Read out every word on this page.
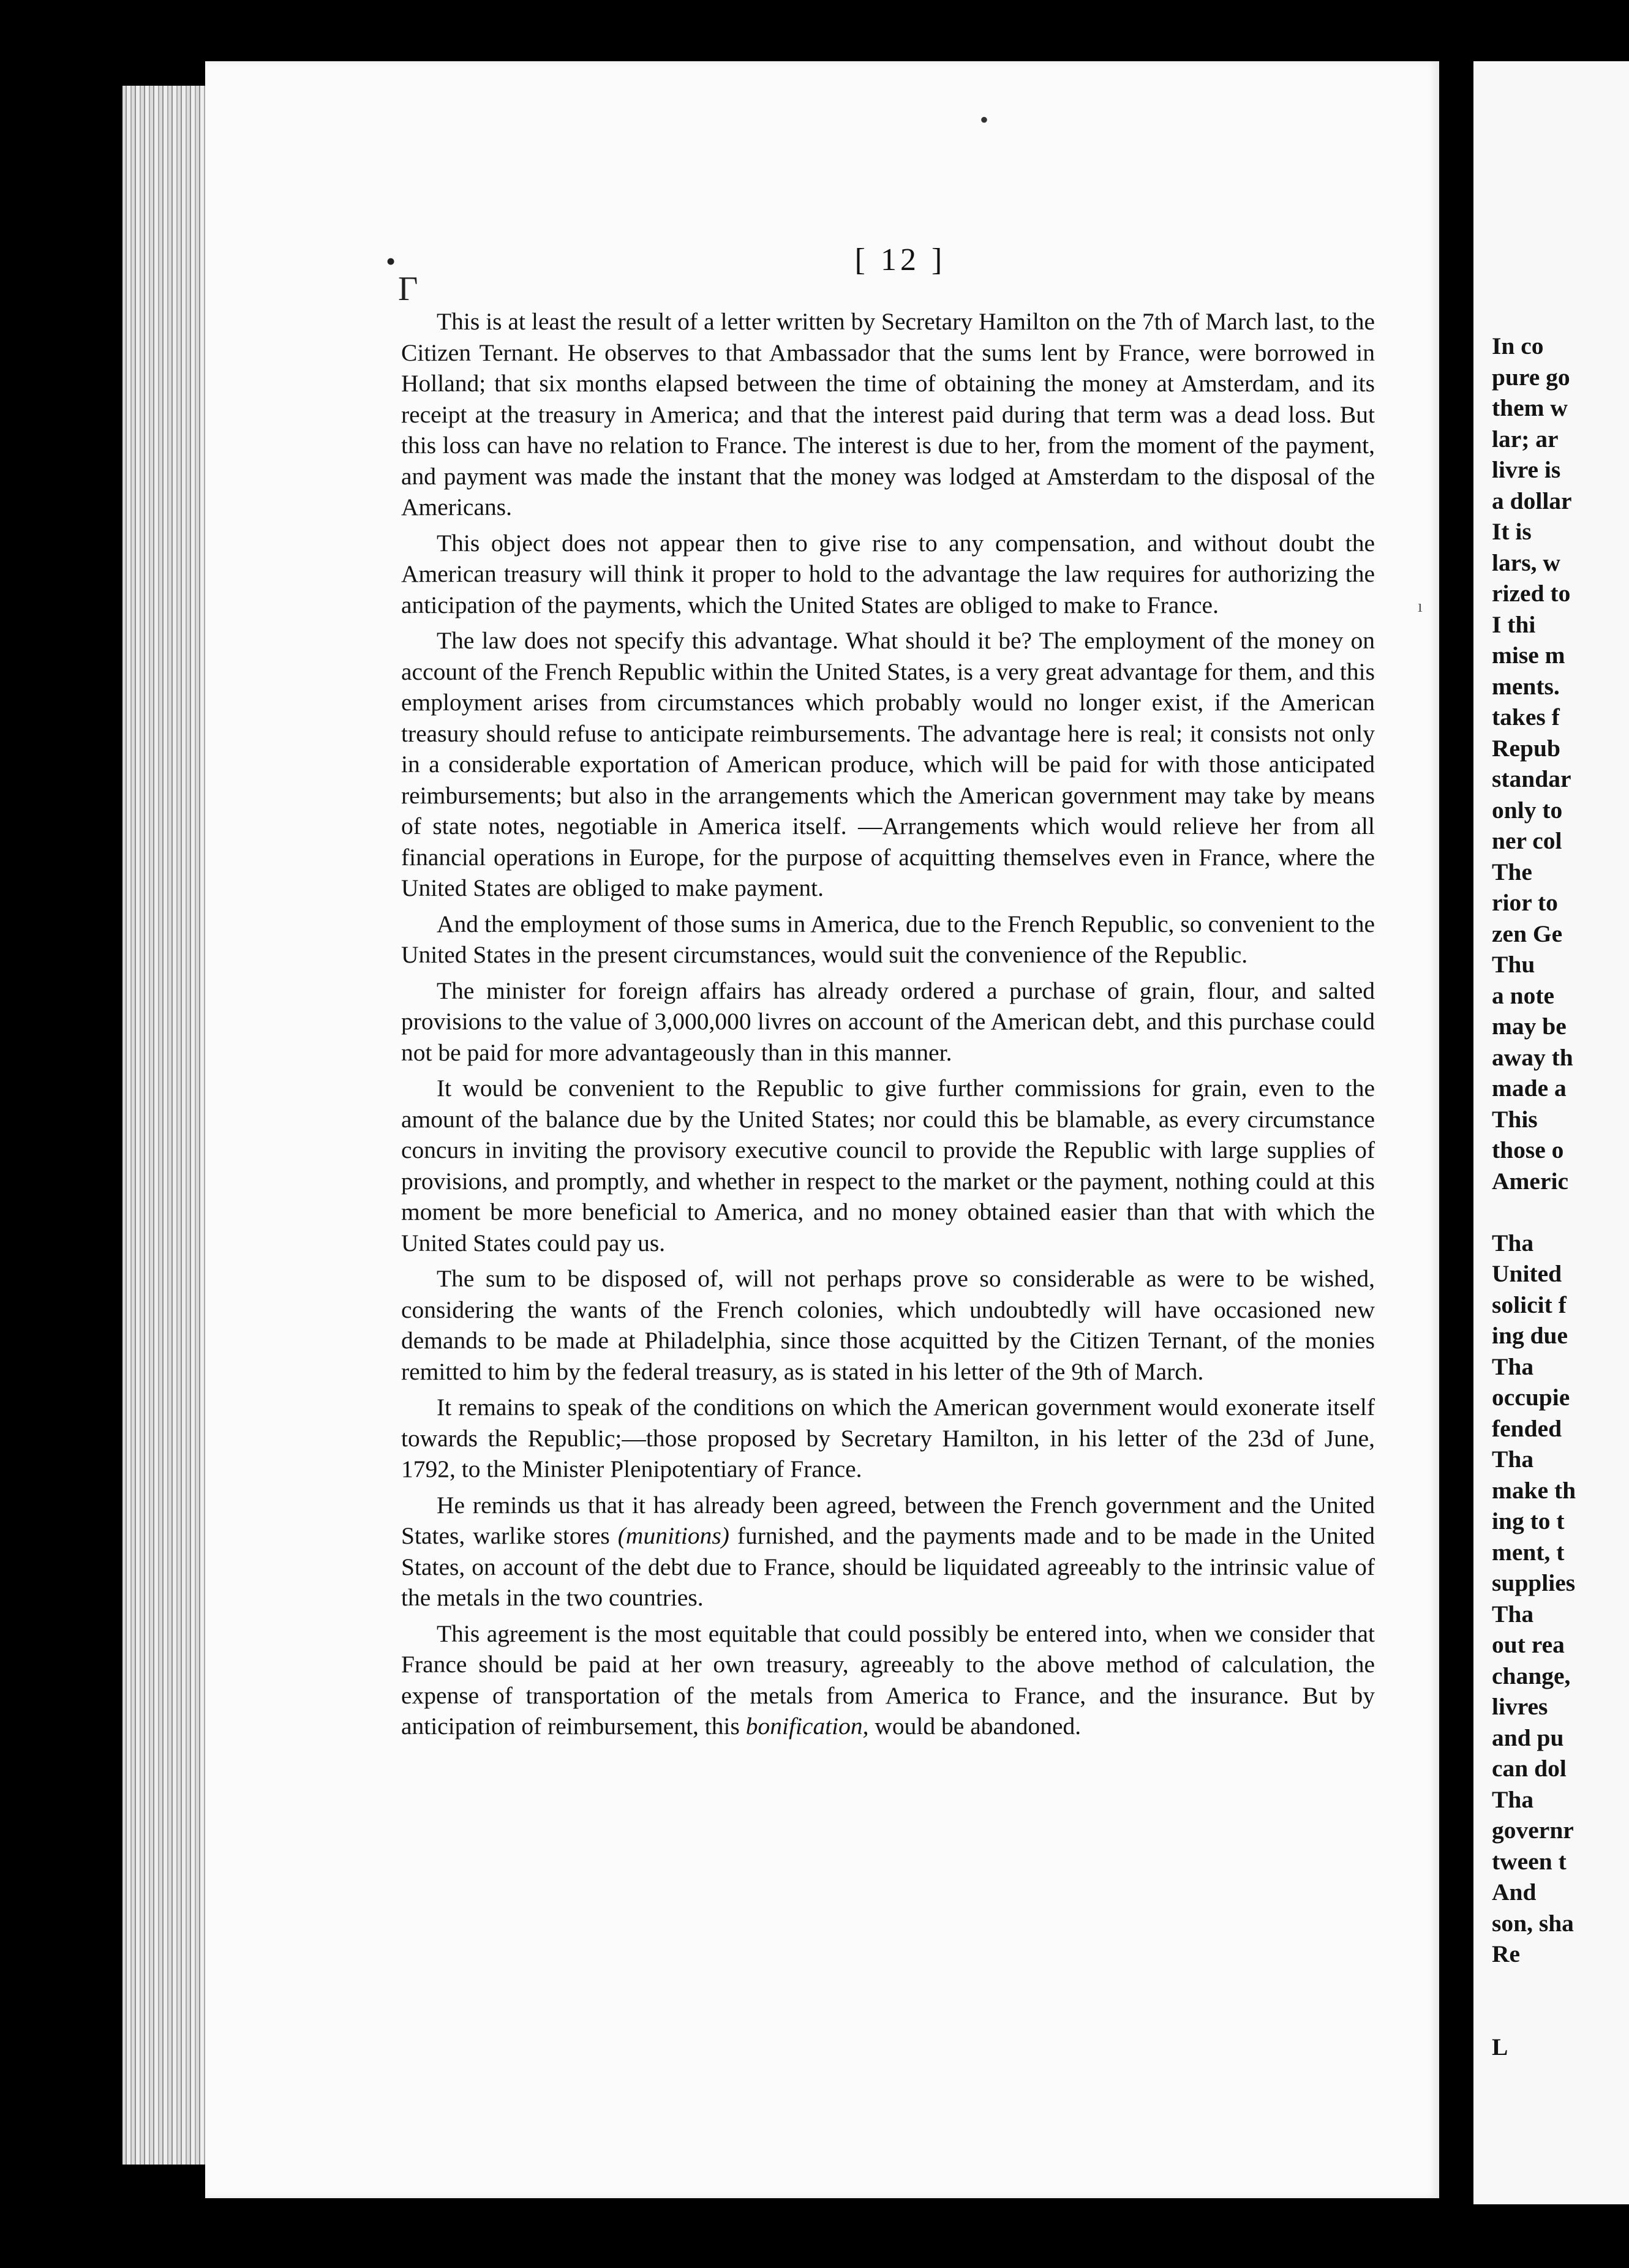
In co
pure go
them w
lar; ar
livre is
a dollar
It is
lars, w
rized to
I thi
mise m
ments.
takes f
Repub
standar
only to
ner col
The
rior to
zen Ge
Thu
a note
may be
away th
made a
This
those o
Americ
Tha
United
solicit f
ing due
Tha
occupie
fended
Tha
make th
ing to t
ment, t
supplies
Tha
out rea
change,
livres
and pu
can dol
Tha
governr
tween t
And
son, sha
Re
L
•
•
Γ
ı
[ 12 ]

This is at least the result of a letter written by Secretary Hamilton on the 7th of March last, to the Citizen Ternant. He observes to that Ambassador that the sums lent by France, were borrowed in Holland; that six months elapsed between the time of obtaining the money at Amsterdam, and its receipt at the treasury in America; and that the interest paid during that term was a dead loss. But this loss can have no relation to France. The interest is due to her, from the moment of the payment, and payment was made the instant that the money was lodged at Amsterdam to the disposal of the Americans.

This object does not appear then to give rise to any compensation, and without doubt the American treasury will think it proper to hold to the advantage the law requires for authorizing the anticipation of the payments, which the United States are obliged to make to France.

The law does not specify this advantage. What should it be? The employment of the money on account of the French Republic within the United States, is a very great advantage for them, and this employment arises from circumstances which probably would no longer exist, if the American treasury should refuse to anticipate reimbursements. The advantage here is real; it consists not only in a considerable exportation of American produce, which will be paid for with those anticipated reimbursements; but also in the arrangements which the American government may take by means of state notes, negotiable in America itself. —Arrangements which would relieve her from all financial operations in Europe, for the purpose of acquitting themselves even in France, where the United States are obliged to make payment.

And the employment of those sums in America, due to the French Republic, so convenient to the United States in the present circumstances, would suit the convenience of the Republic.

The minister for foreign affairs has already ordered a purchase of grain, flour, and salted provisions to the value of 3,000,000 livres on account of the American debt, and this purchase could not be paid for more advantageously than in this manner.

It would be convenient to the Republic to give further commissions for grain, even to the amount of the balance due by the United States; nor could this be blamable, as every circumstance concurs in inviting the provisory executive council to provide the Republic with large supplies of provisions, and promptly, and whether in respect to the market or the payment, nothing could at this moment be more beneficial to America, and no money obtained easier than that with which the United States could pay us.

The sum to be disposed of, will not perhaps prove so considerable as were to be wished, considering the wants of the French colonies, which undoubtedly will have occasioned new demands to be made at Philadelphia, since those acquitted by the Citizen Ternant, of the monies remitted to him by the federal treasury, as is stated in his letter of the 9th of March.

It remains to speak of the conditions on which the American government would exonerate itself towards the Republic;—those proposed by Secretary Hamilton, in his letter of the 23d of June, 1792, to the Minister Plenipotentiary of France.

He reminds us that it has already been agreed, between the French government and the United States, warlike stores (munitions) furnished, and the payments made and to be made in the United States, on account of the debt due to France, should be liquidated agreeably to the intrinsic value of the metals in the two countries.

This agreement is the most equitable that could possibly be entered into, when we consider that France should be paid at her own treasury, agreeably to the above method of calculation, the expense of transportation of the metals from America to France, and the insurance. But by anticipation of reimbursement, this bonification, would be abandoned.
